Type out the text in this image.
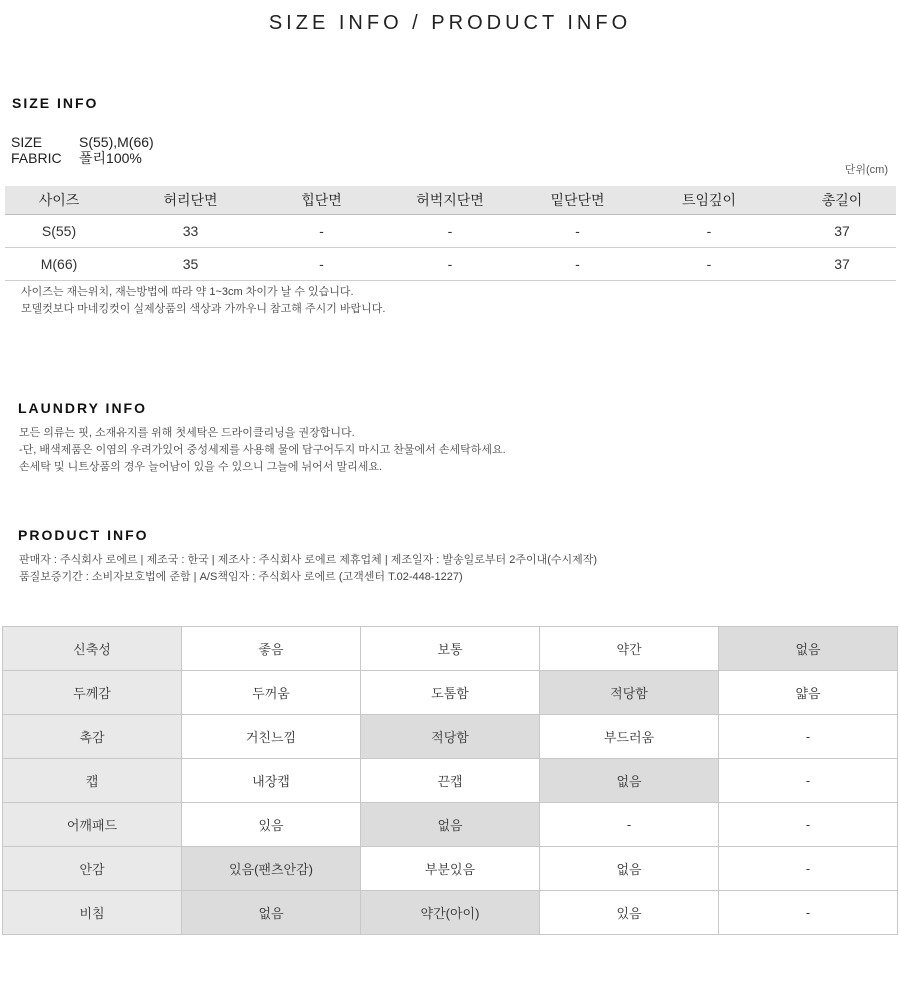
SIZE INFO / PRODUCT INFO
SIZE INFO
SIZE	S(55),M(66)
FABRIC 폴리100%
단위(cm)
사이즈	허리단면	힙단면	허벅지단면	밑단단면	트임깊이	총길이
S(55)	33	-	-	-	-	37
M(66)	35	-	-	-	-	37
사이즈는 재는위치, 재는방법에 따라 약 1~3cm 차이가 날 수 있습니다.
모델컷보다 마네킹컷이 실제상품의 색상과 가까우니 참고해 주시기 바랍니다.
LAUNDRY INFO
모든 의류는 핏, 소재유지를 위해 첫세탁은 드라이클리닝을 권장합니다.
-단, 배색제품은 이염의 우려가있어 중성세제를 사용해 물에 담구어두지 마시고 찬물에서 손세탁하세요.
손세탁 및 니트상품의 경우 늘어남이 있을 수 있으니 그늘에 뉘어서 말리세요.
PRODUCT INFO
판매자 : 주식회사 로에르 | 제조국 : 한국 | 제조사 : 주식회사 로에르 제휴업체 | 제조일자 : 발송일로부터 2주이내(수시제작)
품질보증기간 : 소비자보호법에 준함 | A/S책임자 : 주식회사 로에르 (고객센터 T.02-448-1227)
신축성	좋음	보통	약간	없음
두께감	두꺼움	도톰함	적당함	얇음
촉감	거친느낌	적당함	부드러움	-
캡	내장캡	끈캡	없음	-
어깨패드	있음	없음	-	-
안감	있음(팬츠안감)	부분있음	없음	-
비침	없음	약간(아이)	있음	-
